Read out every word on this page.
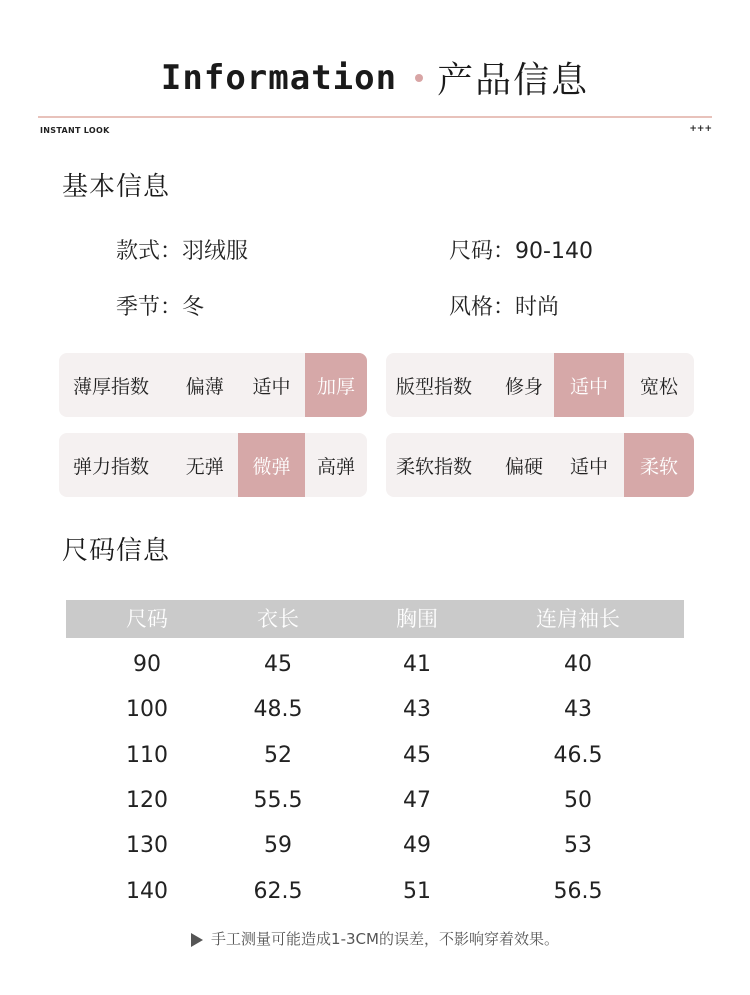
Information 产品信息
INSTANT LOOK	+++
基本信息
款式：羽绒服	尺码：90-140
季节：冬	风格：时尚
薄厚指数	偏薄	适中	加厚	版型指数	修身	适中	宽松
弹力指数	无弹	微弹	高弹	柔软指数	偏硬	适中	柔软
尺码信息
尺码	衣长	胸围	连肩袖长
90	45	41	40
100	48.5	43	43
110	52	45	46.5
120	55.5	47	50
130	59	49	53
140	62.5	51	56.5
手工测量可能造成1-3CM的误差，不影响穿着效果。
